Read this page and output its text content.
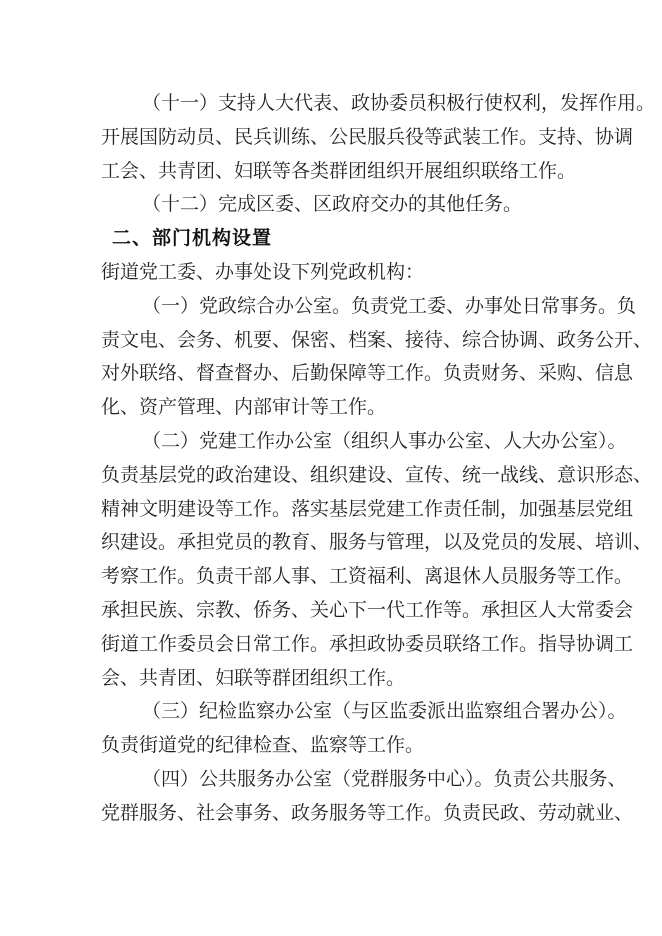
（十一）支持人大代表、政协委员积极行使权利，发挥作用。
开展国防动员、民兵训练、公民服兵役等武装工作。支持、协调
工会、共青团、妇联等各类群团组织开展组织联络工作。
（十二）完成区委、区政府交办的其他任务。
二、部门机构设置
街道党工委、办事处设下列党政机构：
（一）党政综合办公室。负责党工委、办事处日常事务。负
责文电、会务、机要、保密、档案、接待、综合协调、政务公开、
对外联络、督查督办、后勤保障等工作。负责财务、采购、信息
化、资产管理、内部审计等工作。
（二）党建工作办公室（组织人事办公室、人大办公室）。
负责基层党的政治建设、组织建设、宣传、统一战线、意识形态、
精神文明建设等工作。落实基层党建工作责任制，加强基层党组
织建设。承担党员的教育、服务与管理，以及党员的发展、培训、
考察工作。负责干部人事、工资福利、离退休人员服务等工作。
承担民族、宗教、侨务、关心下一代工作等。承担区人大常委会
街道工作委员会日常工作。承担政协委员联络工作。指导协调工
会、共青团、妇联等群团组织工作。
（三）纪检监察办公室（与区监委派出监察组合署办公）。
负责街道党的纪律检查、监察等工作。
（四）公共服务办公室（党群服务中心）。负责公共服务、
党群服务、社会事务、政务服务等工作。负责民政、劳动就业、
